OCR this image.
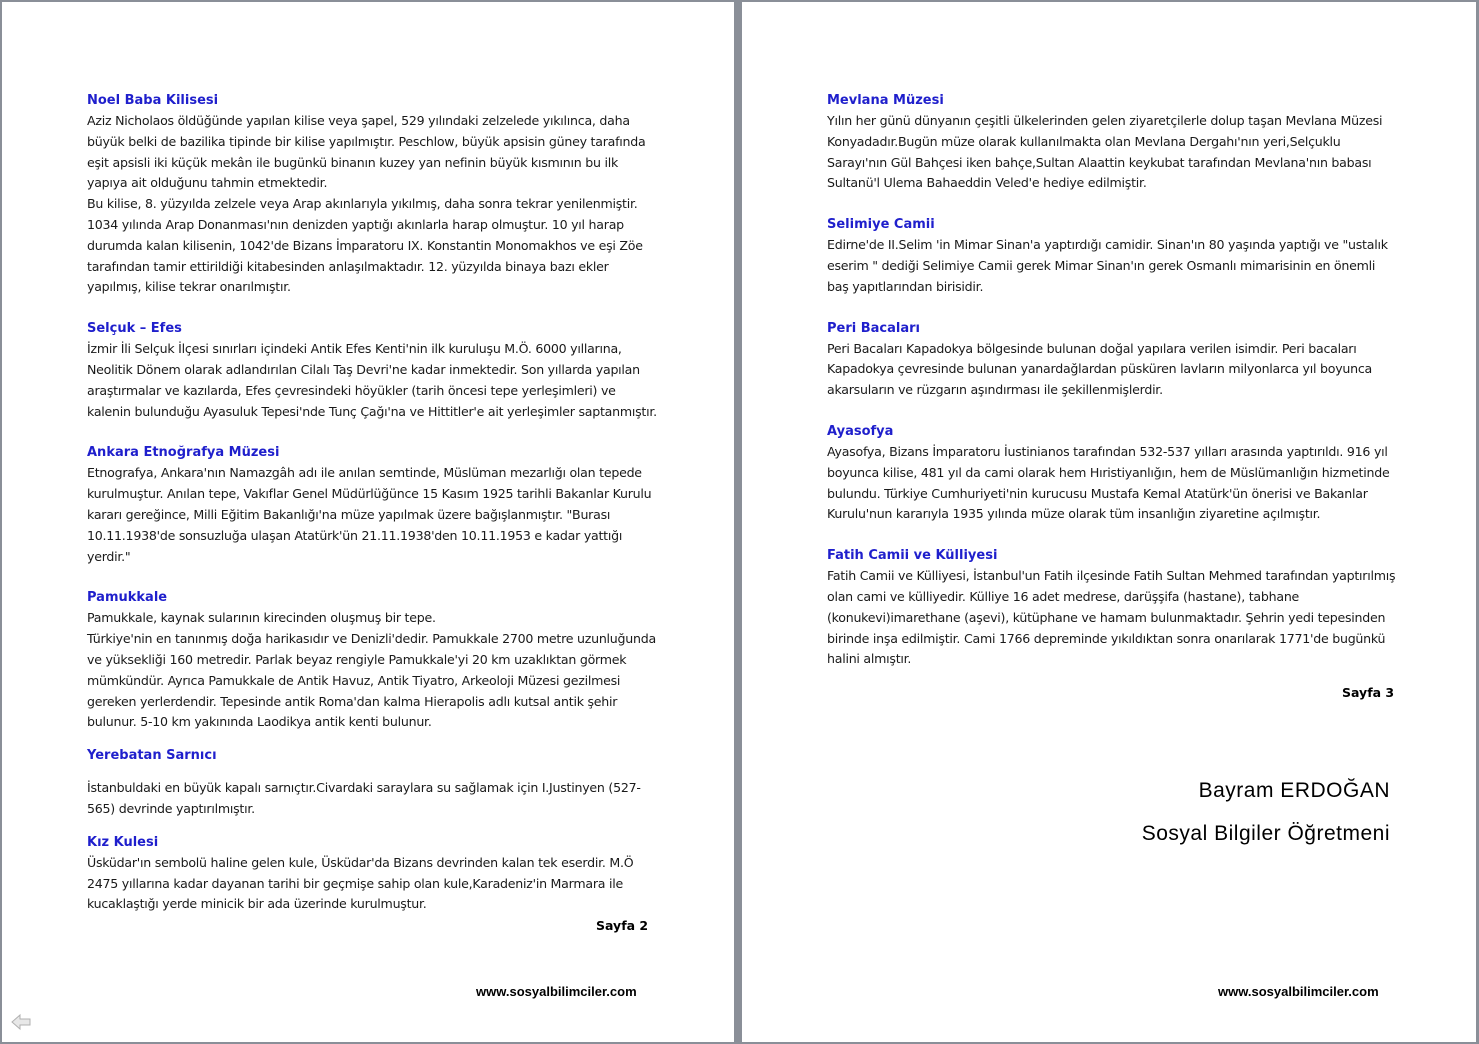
Noel Baba Kilisesi
Aziz Nicholaos öldüğünde yapılan kilise veya şapel, 529 yılındaki zelzelede yıkılınca, daha büyük belki de bazilika tipinde bir kilise yapılmıştır. Peschlow, büyük apsisin güney tarafında eşit apsisli iki küçük mekân ile bugünkü binanın kuzey yan nefinin büyük kısmının bu ilk yapıya ait olduğunu tahmin etmektedir.
Bu kilise, 8. yüzyılda zelzele veya Arap akınlarıyla yıkılmış, daha sonra tekrar yenilenmiştir. 1034 yılında Arap Donanması'nın denizden yaptığı akınlarla harap olmuştur. 10 yıl harap durumda kalan kilisenin, 1042'de Bizans İmparatoru IX. Konstantin Monomakhos ve eşi Zöe tarafından tamir ettirildiği kitabesinden anlaşılmaktadır. 12. yüzyılda binaya bazı ekler yapılmış, kilise tekrar onarılmıştır.
Selçuk – Efes
İzmir İli Selçuk İlçesi sınırları içindeki Antik Efes Kenti'nin ilk kuruluşu M.Ö. 6000 yıllarına, Neolitik Dönem olarak adlandırılan Cilalı Taş Devri'ne kadar inmektedir. Son yıllarda yapılan araştırmalar ve kazılarda, Efes çevresindeki höyükler (tarih öncesi tepe yerleşimleri) ve kalenin bulunduğu Ayasuluk Tepesi'nde Tunç Çağı'na ve Hittitler'e ait yerleşimler saptanmıştır.
Ankara Etnoğrafya Müzesi
Etnografya, Ankara'nın Namazgâh adı ile anılan semtinde, Müslüman mezarlığı olan tepede kurulmuştur. Anılan tepe, Vakıflar Genel Müdürlüğünce 15 Kasım 1925 tarihli Bakanlar Kurulu kararı gereğince, Milli Eğitim Bakanlığı'na müze yapılmak üzere bağışlanmıştır. "Burası 10.11.1938'de sonsuzluğa ulaşan Atatürk'ün 21.11.1938'den 10.11.1953 e kadar yattığı yerdir."
Pamukkale
Pamukkale, kaynak sularının kirecinden oluşmuş bir tepe.
Türkiye'nin en tanınmış doğa harikasıdır ve Denizli'dedir. Pamukkale 2700 metre uzunluğunda ve yüksekliği 160 metredir. Parlak beyaz rengiyle Pamukkale'yi 20 km uzaklıktan görmek mümkündür. Ayrıca Pamukkale de Antik Havuz, Antik Tiyatro, Arkeoloji Müzesi gezilmesi gereken yerlerdendir. Tepesinde antik Roma'dan kalma Hierapolis adlı kutsal antik şehir bulunur. 5-10 km yakınında Laodikya antik kenti bulunur.
Yerebatan Sarnıcı
İstanbuldaki en büyük kapalı sarnıçtır.Civardaki saraylara su sağlamak için I.Justinyen (527-565) devrinde yaptırılmıştır.
Kız Kulesi
Üsküdar'ın sembolü haline gelen kule, Üsküdar'da Bizans devrinden kalan tek eserdir. M.Ö 2475 yıllarına kadar dayanan tarihi bir geçmişe sahip olan kule,Karadeniz'in Marmara ile kucaklaştığı yerde minicik bir ada üzerinde kurulmuştur.
Sayfa 2
www.sosyalbilimciler.com
Mevlana Müzesi
Yılın her günü dünyanın çeşitli ülkelerinden gelen ziyaretçilerle dolup taşan Mevlana Müzesi Konyadadır.Bugün müze olarak kullanılmakta olan Mevlana Dergahı'nın yeri,Selçuklu Sarayı'nın Gül Bahçesi iken bahçe,Sultan Alaattin keykubat tarafından Mevlana'nın babası Sultanü'l Ulema Bahaeddin Veled'e hediye edilmiştir.
Selimiye Camii
Edirne'de II.Selim 'in Mimar Sinan'a yaptırdığı camidir. Sinan'ın 80 yaşında yaptığı ve "ustalık eserim " dediği Selimiye Camii gerek Mimar Sinan'ın gerek Osmanlı mimarisinin en önemli baş yapıtlarından birisidir.
Peri Bacaları
Peri Bacaları Kapadokya bölgesinde bulunan doğal yapılara verilen isimdir. Peri bacaları Kapadokya çevresinde bulunan yanardağlardan püsküren lavların milyonlarca yıl boyunca akarsuların ve rüzgarın aşındırması ile şekillenmişlerdir.
Ayasofya
Ayasofya, Bizans İmparatoru İustinianos tarafından 532-537 yılları arasında yaptırıldı. 916 yıl boyunca kilise, 481 yıl da cami olarak hem Hıristiyanlığın, hem de Müslümanlığın hizmetinde bulundu. Türkiye Cumhuriyeti'nin kurucusu Mustafa Kemal Atatürk'ün önerisi ve Bakanlar Kurulu'nun kararıyla 1935 yılında müze olarak tüm insanlığın ziyaretine açılmıştır.
Fatih Camii ve Külliyesi
Fatih Camii ve Külliyesi, İstanbul'un Fatih ilçesinde Fatih Sultan Mehmed tarafından yaptırılmış olan cami ve külliyedir. Külliye 16 adet medrese, darüşşifa (hastane), tabhane (konukevi)imarethane (aşevi), kütüphane ve hamam bulunmaktadır. Şehrin yedi tepesinden birinde inşa edilmiştir. Cami 1766 depreminde yıkıldıktan sonra onarılarak 1771'de bugünkü halini almıştır.
Sayfa 3
Bayram ERDOĞAN
Sosyal Bilgiler Öğretmeni
www.sosyalbilimciler.com
